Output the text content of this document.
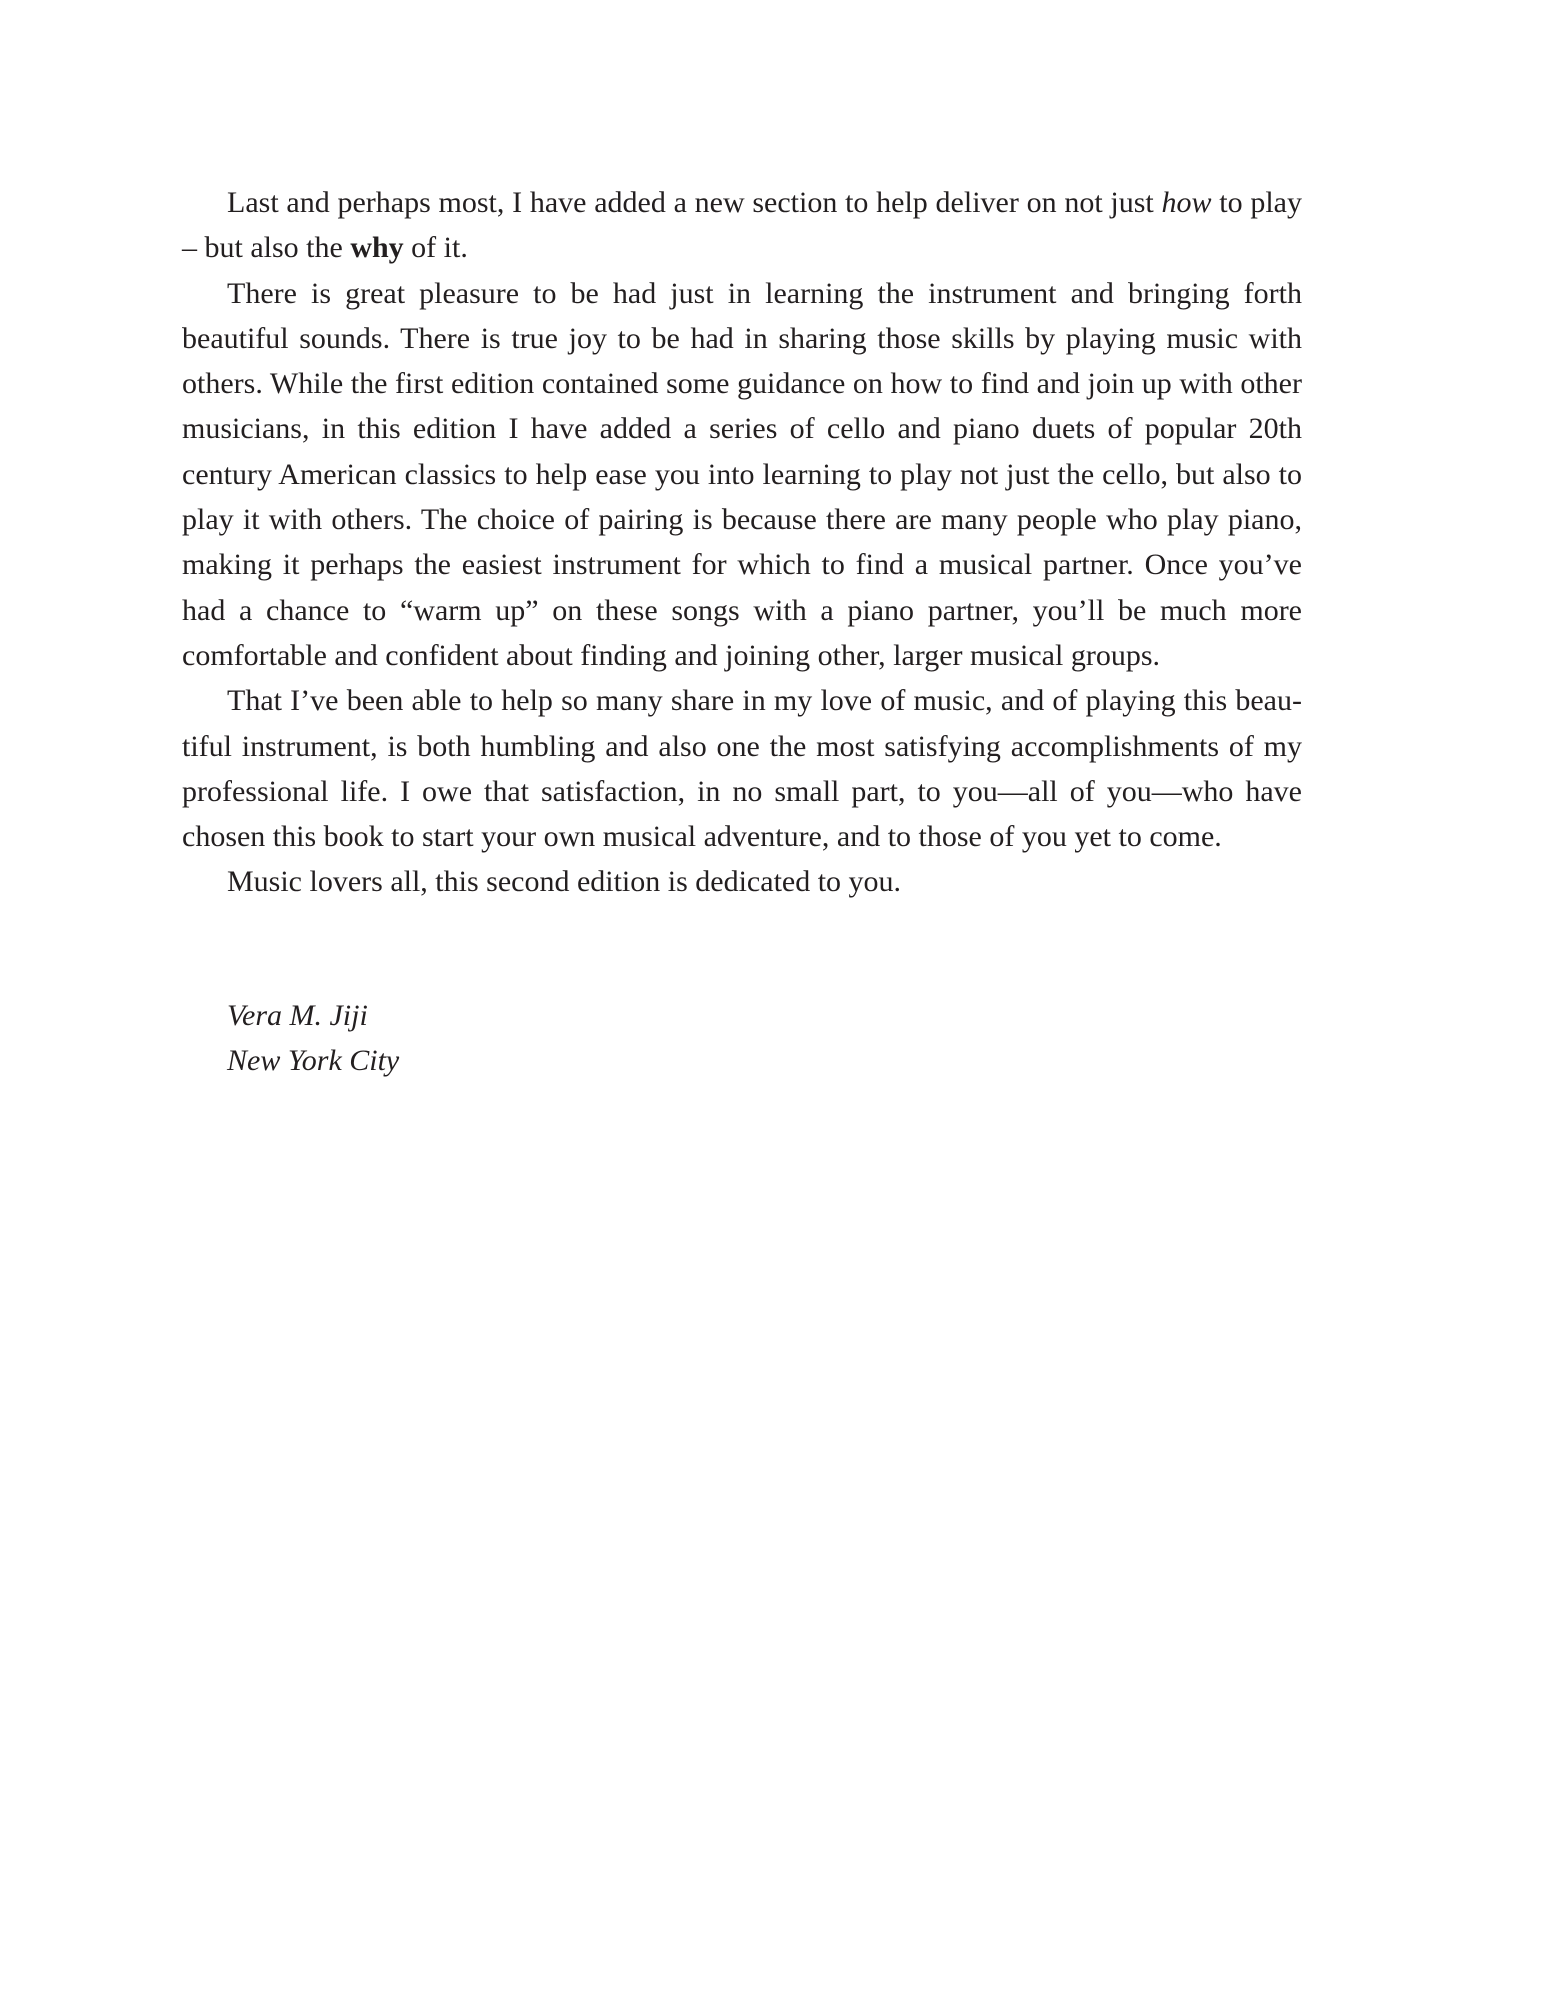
Last and perhaps most, I have added a new section to help deliver on not just how to play – but also the why of it.

There is great pleasure to be had just in learning the instrument and bringing forth beautiful sounds. There is true joy to be had in sharing those skills by playing music with others. While the first edition contained some guidance on how to find and join up with other musicians, in this edition I have added a series of cello and piano duets of popular 20th century American classics to help ease you into learning to play not just the cello, but also to play it with others. The choice of pairing is because there are many people who play piano, making it perhaps the easiest instrument for which to find a musical partner. Once you’ve had a chance to “warm up” on these songs with a piano partner, you’ll be much more comfortable and confident about finding and joining other, larger musical groups.

That I’ve been able to help so many share in my love of music, and of playing this beautiful instrument, is both humbling and also one the most satisfying accomplishments of my professional life. I owe that satisfaction, in no small part, to you—all of you—who have chosen this book to start your own musical adventure, and to those of you yet to come.

Music lovers all, this second edition is dedicated to you.

Vera M. Jiji
New York City
